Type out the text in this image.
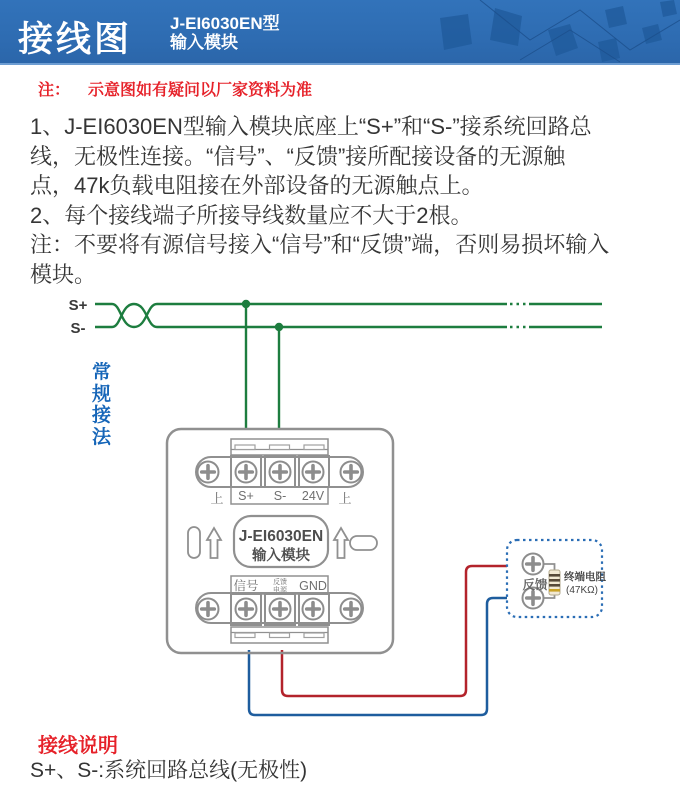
接线图 J-EI6030EN型
输入模块
注： 示意图如有疑问以厂家资料为准
1、J-EI6030EN型输入模块底座上“S+”和“S-”接系统回路总
线，无极性连接。“信号”、“反馈”接所配接设备的无源触
点，47k负载电阻接在外部设备的无源触点上。
2、每个接线端子所接导线数量应不大于2根。
注：不要将有源信号接入“信号”和“反馈”端，否则易损坏输入
模块。
S+
S-
S+ S- 24V
上	上
J-EI6030EN
输入模块
信号 反馈
电源 GND	反馈
终端电阻
(47KΩ)
常规接法
接线说明
S+、S-:系统回路总线(无极性)
